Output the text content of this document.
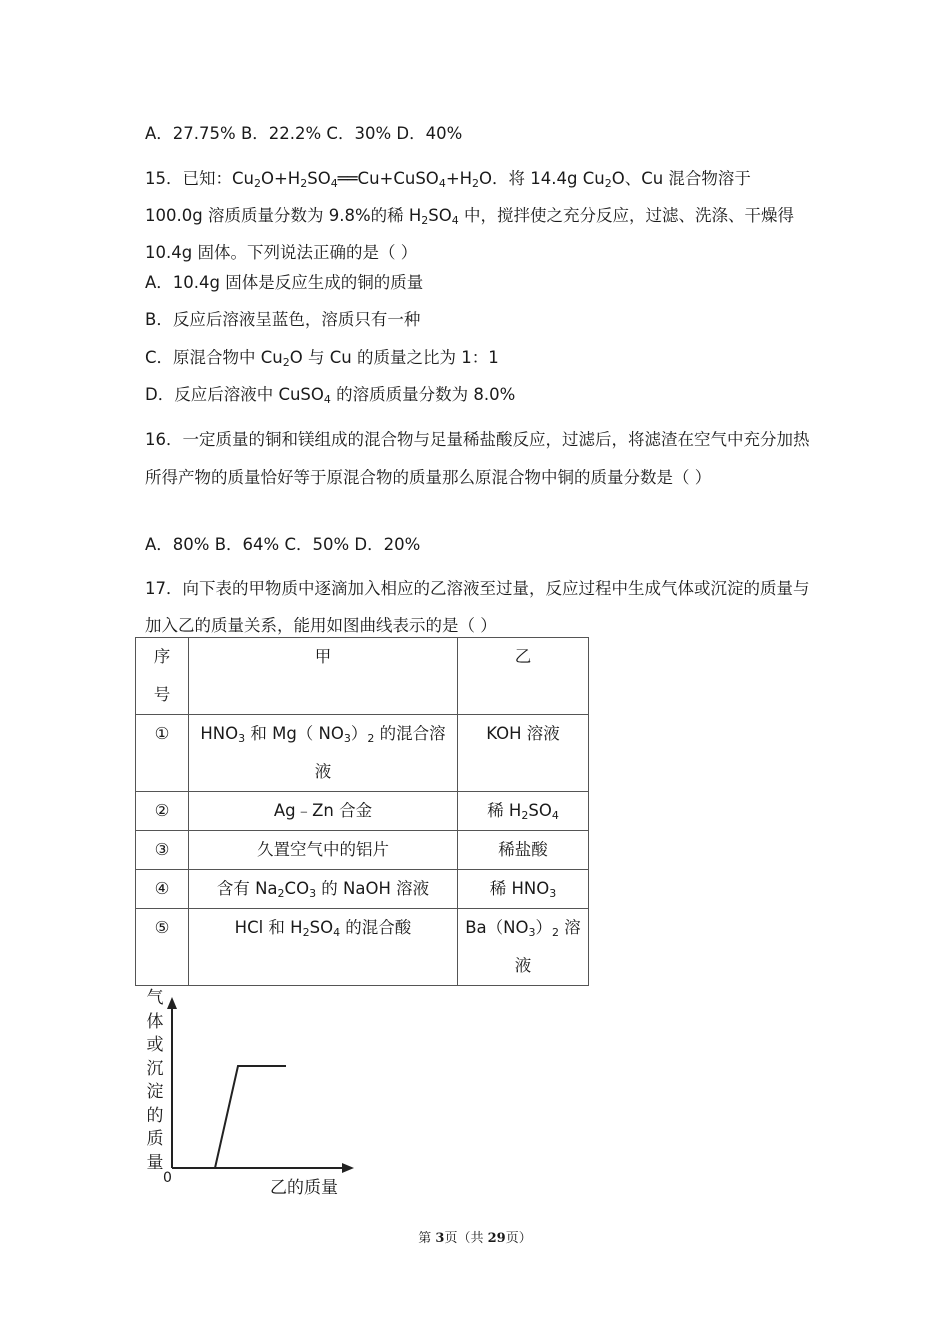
A．27.75% B．22.2% C．30% D．40%
15．已知：$Cu_2O+H_2SO_4══Cu+CuSO_4+H_2O$．将 14.4g $Cu_2O$、Cu 混合物溶于 100.0g 溶质质量分数为 9.8%的稀 $H_2SO_4$ 中，搅拌使之充分反应，过滤、洗涤、干燥得 10.4g 固体。下列说法正确的是（ ）
A．10.4g 固体是反应生成的铜的质量
B．反应后溶液呈蓝色，溶质只有一种
C．原混合物中 $Cu_2O$ 与 Cu 的质量之比为 1：1
D．反应后溶液中 CuSO$_4$ 的溶质质量分数为 8.0%
16．一定质量的铜和镁组成的混合物与足量稀盐酸反应，过滤后，将滤渣在空气中充分加热所得产物的质量恰好等于原混合物的质量那么原混合物中铜的质量分数是（ ）
A．80% B．64% C．50% D．20%
17．向下表的甲物质中逐滴加入相应的乙溶液至过量，反应过程中生成气体或沉淀的质量与加入乙的质量关系，能用如图曲线表示的是（ ）
序号	甲	乙
①	$HNO_3$ 和 Mg（ $NO_3)_2$ 的混合溶液	KOH 溶液
②	Ag﹣Zn 合金	稀 $H_2SO_4$
③	久置空气中的铝片	稀盐酸
④	含有 $Na_2CO_3$ 的 NaOH 溶液	稀 $HNO_3$
⑤	HCl 和 $H_2SO_4$ 的混合酸	$Ba(NO_3)_2$ 溶液
气体或沉淀的质量
0	乙的质量
第 3页（共 29页）
